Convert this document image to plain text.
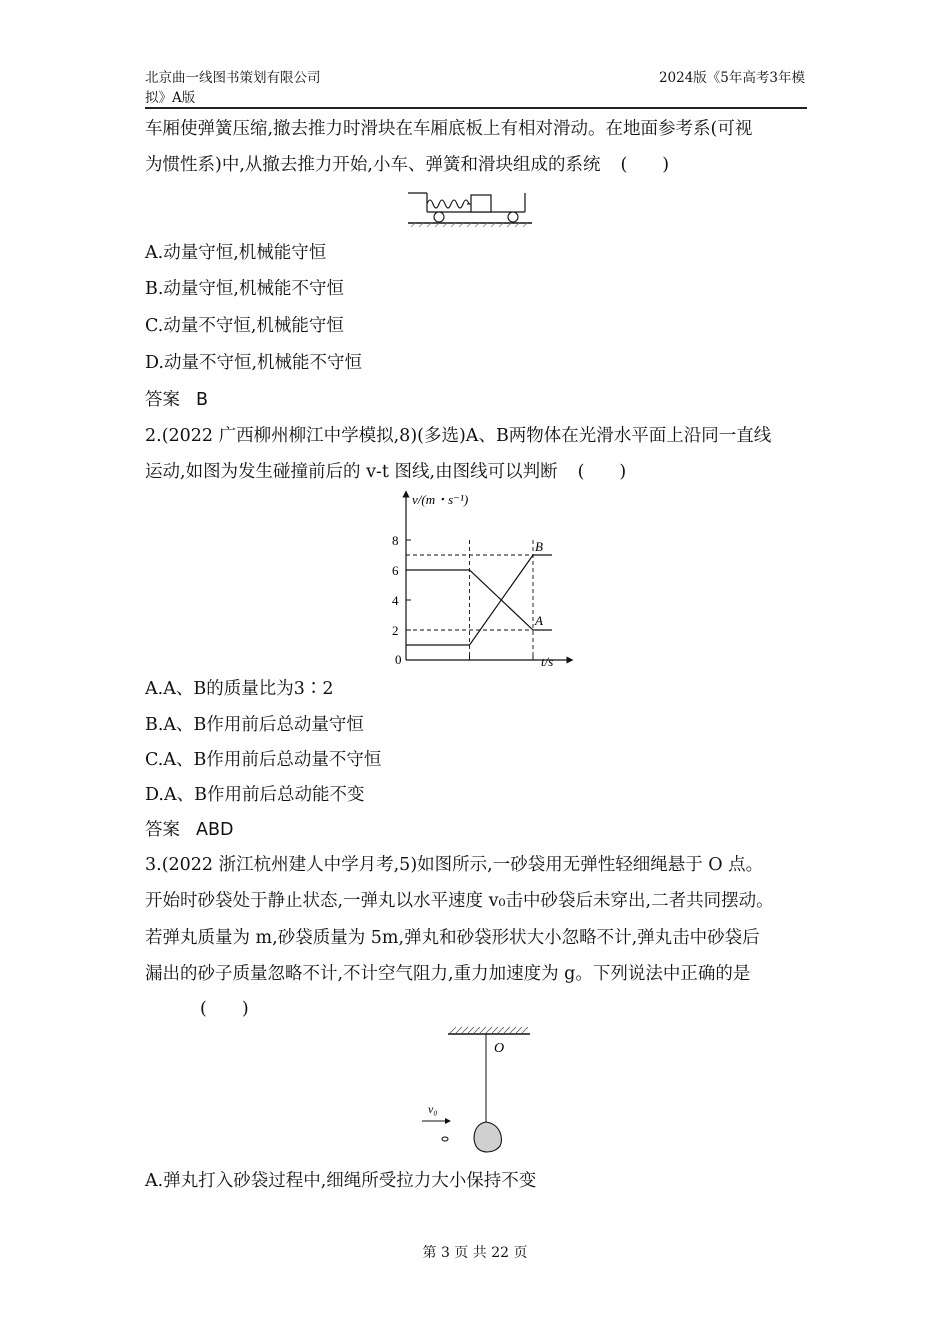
北京曲一线图书策划有限公司
拟》A版
2024版《5年高考3年模
车厢使弹簧压缩,撤去推力时滑块在车厢底板上有相对滑动。在地面参考系(可视
为惯性系)中,从撤去推力开始,小车、弹簧和滑块组成的系统 (　　)
A.动量守恒,机械能守恒
B.动量守恒,机械能不守恒
C.动量不守恒,机械能守恒
D.动量不守恒,机械能不守恒
答案 B
2.(2022 广西柳州柳江中学模拟,8)(多选)A、B两物体在光滑水平面上沿同一直线
运动,如图为发生碰撞前后的 v-t 图线,由图线可以判断 (　　)
v/(m・s⁻¹)
t/s
0
2
4
6
8
A
B
A.A、B的质量比为3∶2
B.A、B作用前后总动量守恒
C.A、B作用前后总动量不守恒
D.A、B作用前后总动能不变
答案 ABD
3.(2022 浙江杭州建人中学月考,5)如图所示,一砂袋用无弹性轻细绳悬于 O 点。
开始时砂袋处于静止状态,一弹丸以水平速度 v₀击中砂袋后未穿出,二者共同摆动。
若弹丸质量为 m,砂袋质量为 5m,弹丸和砂袋形状大小忽略不计,弹丸击中砂袋后
漏出的砂子质量忽略不计,不计空气阻力,重力加速度为 g。下列说法中正确的是
(　　)
O
v₀
A.弹丸打入砂袋过程中,细绳所受拉力大小保持不变
第 3 页 共 22 页
